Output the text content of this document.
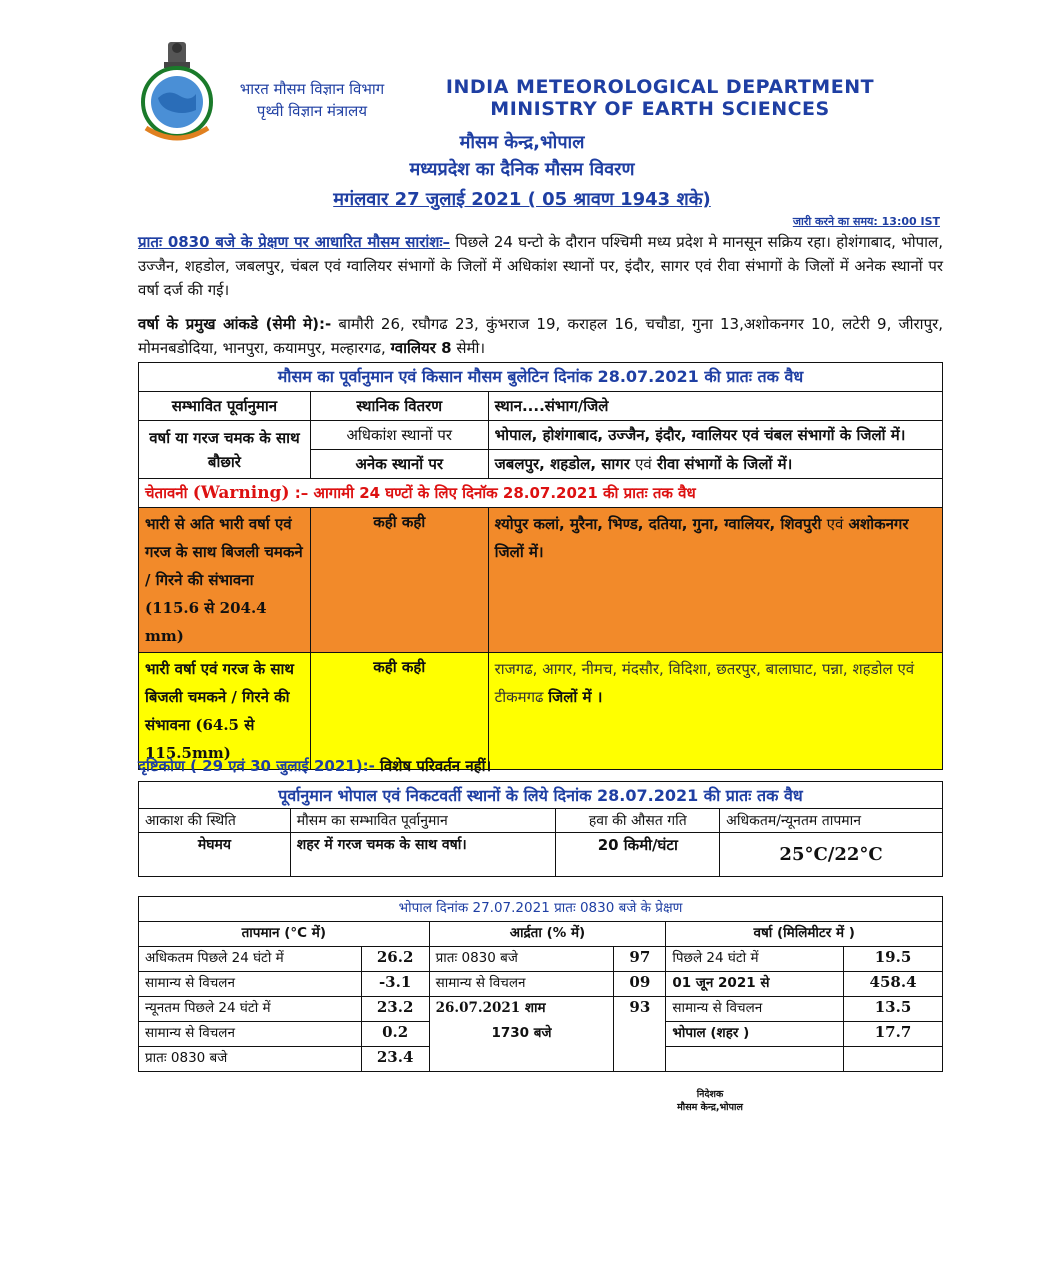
भारत मौसम विज्ञान विभाग
पृथ्वी विज्ञान मंत्रालय
INDIA METEOROLOGICAL DEPARTMENT
MINISTRY OF EARTH SCIENCES
मौसम केन्द्र,भोपाल
मध्यप्रदेश का दैनिक मौसम विवरण
मगंलवार 27 जुलाई 2021 ( 05 श्रावण 1943 शके)
जारी करने का समय: 13:00 IST
प्रातः 0830 बजे के प्रेक्षण पर आधारित मौसम सारांशः– पिछले 24 घन्टो के दौरान पश्चिमी मध्य प्रदेश मे मानसून सक्रिय रहा। होशंगाबाद, भोपाल, उज्जैन, शहडोल, जबलपुर, चंबल एवं ग्वालियर संभागों के जिलों में अधिकांश स्थानों पर, इंदौर, सागर एवं रीवा संभागों के जिलों में अनेक स्थानों पर वर्षा दर्ज की गई।
वर्षा के प्रमुख आंकडे (सेमी मे):- बामौरी 26, रघौगढ 23, कुंभराज 19, कराहल 16, चचौडा, गुना 13,अशोकनगर 10, लटेरी 9, जीरापुर, मोमनबडोदिया, भानपुरा, कयामपुर, मल्हारगढ, ग्वालियर 8 सेमी।
मौसम का पूर्वानुमान एवं किसान मौसम बुलेटिन दिनांक 28.07.2021 की प्रातः तक वैध		
सम्भावित पूर्वानुमान	स्थानिक वितरण	स्थान....संभाग/जिले
वर्षा या गरज चमक के साथ बौछारे	अधिकांश स्थानों पर	भोपाल, होशंगाबाद, उज्जैन, इंदौर, ग्वालियर एवं चंबल संभागों के जिलों में।
	अनेक स्थानों पर	जबलपुर, शहडोल, सागर एवं रीवा संभागों के जिलों में।
चेतावनी (Warning) :– आगामी 24 घण्टों के लिए दिनॉक 28.07.2021 की प्रातः तक वैध		
भारी से अति भारी वर्षा एवं गरज के साथ बिजली चमकने / गिरने की संभावना
(115.6 से 204.4 mm)	कही कही	श्योपुर कलां, मुरैना, भिण्ड, दतिया, गुना, ग्वालियर, शिवपुरी एवं अशोकनगर जिलों में।
भारी वर्षा एवं गरज के साथ बिजली चमकने / गिरने की संभावना (64.5 से 115.5mm)	कही कही	राजगढ, आगर, नीमच, मंदसौर, विदिशा, छतरपुर, बालाघाट, पन्ना, शहडोल एवं टीकमगढ जिलों में ।
दृष्टिकोण ( 29 एवं 30 जुलाई 2021):- विशेष परिवर्तन नहीं।
पूर्वानुमान भोपाल एवं निकटवर्ती स्थानों के लिये दिनांक 28.07.2021 की प्रातः तक वैध			
आकाश की स्थिति	मौसम का सम्भावित पूर्वानुमान	हवा की औसत गति	अधिकतम/न्यूनतम तापमान
मेघमय	शहर में गरज चमक के साथ वर्षा।	20 किमी/घंटा	25°C/22°C
भोपाल दिनांक 27.07.2021 प्रातः 0830 बजे के प्रेक्षण					
तापमान (°C में)		आर्द्रता (% में)		वर्षा (मिलिमीटर में )	
अधिकतम पिछले 24 घंटो में	26.2	प्रातः 0830 बजे	97	पिछले 24 घंटो में	19.5
सामान्य से विचलन	-3.1	सामान्य से विचलन	09	01 जून 2021 से	458.4
न्यूनतम पिछले 24 घंटो में	23.2	26.07.2021 शाम	93	सामान्य से विचलन	13.5
सामान्य से विचलन	0.2	1730 बजे		भोपाल (शहर )	17.7
प्रातः 0830 बजे	23.4				
निदेशक
मौसम केन्द्र,भोपाल
